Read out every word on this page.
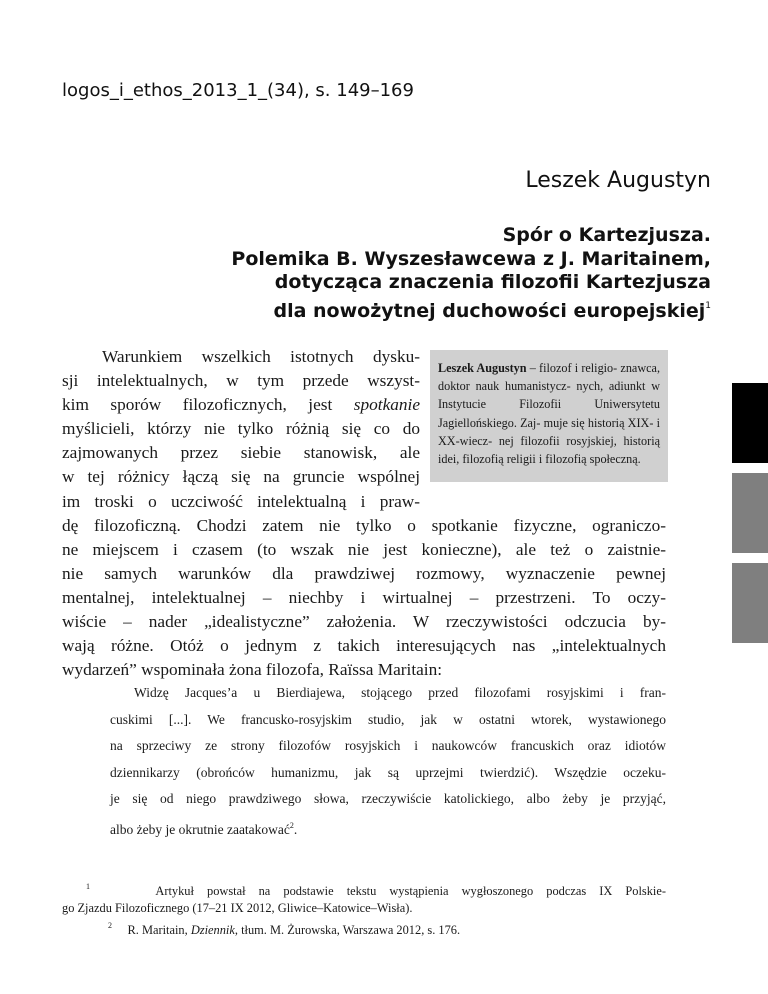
logos_i_ethos_2013_1_(34), s. 149–169
Leszek Augustyn
Spór o Kartezjusza.
Polemika B. Wyszesławcewa z J. Maritainem,
dotycząca znaczenia filozofii Kartezjusza
dla nowożytnej duchowości europejskiej$^1$
Leszek Augustyn – filozof i religio- znawca, doktor nauk humanistycz- nych, adiunkt w Instytucie Filozofii	Uniwersytetu Jagiellońskiego. Zaj- muje się historią XIX- i XX-wiecz- nej filozofii rosyjskiej, historią idei, filozofią religii i filozofią społeczną.
Warunkiem wszelkich istotnych dysku-
sji intelektualnych, w tym przede wszyst-
kim sporów filozoficznych, jest spotkanie
myślicieli, którzy nie tylko różnią się co do
zajmowanych przez siebie stanowisk, ale
w tej różnicy łączą się na gruncie wspólnej
im troski o uczciwość intelektualną i praw-
dę filozoficzną. Chodzi zatem nie tylko o spotkanie fizyczne, ograniczo-
ne miejscem i czasem (to wszak nie jest konieczne), ale też o zaistnie-
nie samych warunków dla prawdziwej rozmowy, wyznaczenie pewnej
mentalnej, intelektualnej – niechby i wirtualnej – przestrzeni. To oczy-
wiście – nader „idealistyczne” założenia. W rzeczywistości odczucia by-
wają różne. Otóż o jednym z takich interesujących nas „intelektualnych
wydarzeń” wspominała żona filozofa, Raïssa Maritain:
Widzę Jacques’a u Bierdiajewa, stojącego przed filozofami rosyjskimi i fran-
cuskimi [...]. We francusko-rosyjskim studio, jak w ostatni wtorek, wystawionego
na sprzeciwy ze strony filozofów rosyjskich i naukowców francuskich oraz idiotów
dziennikarzy (obrońców humanizmu, jak są uprzejmi twierdzić). Wszędzie oczeku-
je się od niego prawdziwego słowa, rzeczywiście katolickiego, albo żeby je przyjąć,
albo żeby je okrutnie zaatakować$^2$.
$^1$	Artykuł powstał na podstawie tekstu wystąpienia wygłoszonego podczas IX Polskie-
go Zjazdu Filozoficznego (17–21 IX 2012, Gliwice–Katowice–Wisła).
$^2$ R. Maritain, Dziennik, tłum. M. Żurowska, Warszawa 2012, s. 176.
